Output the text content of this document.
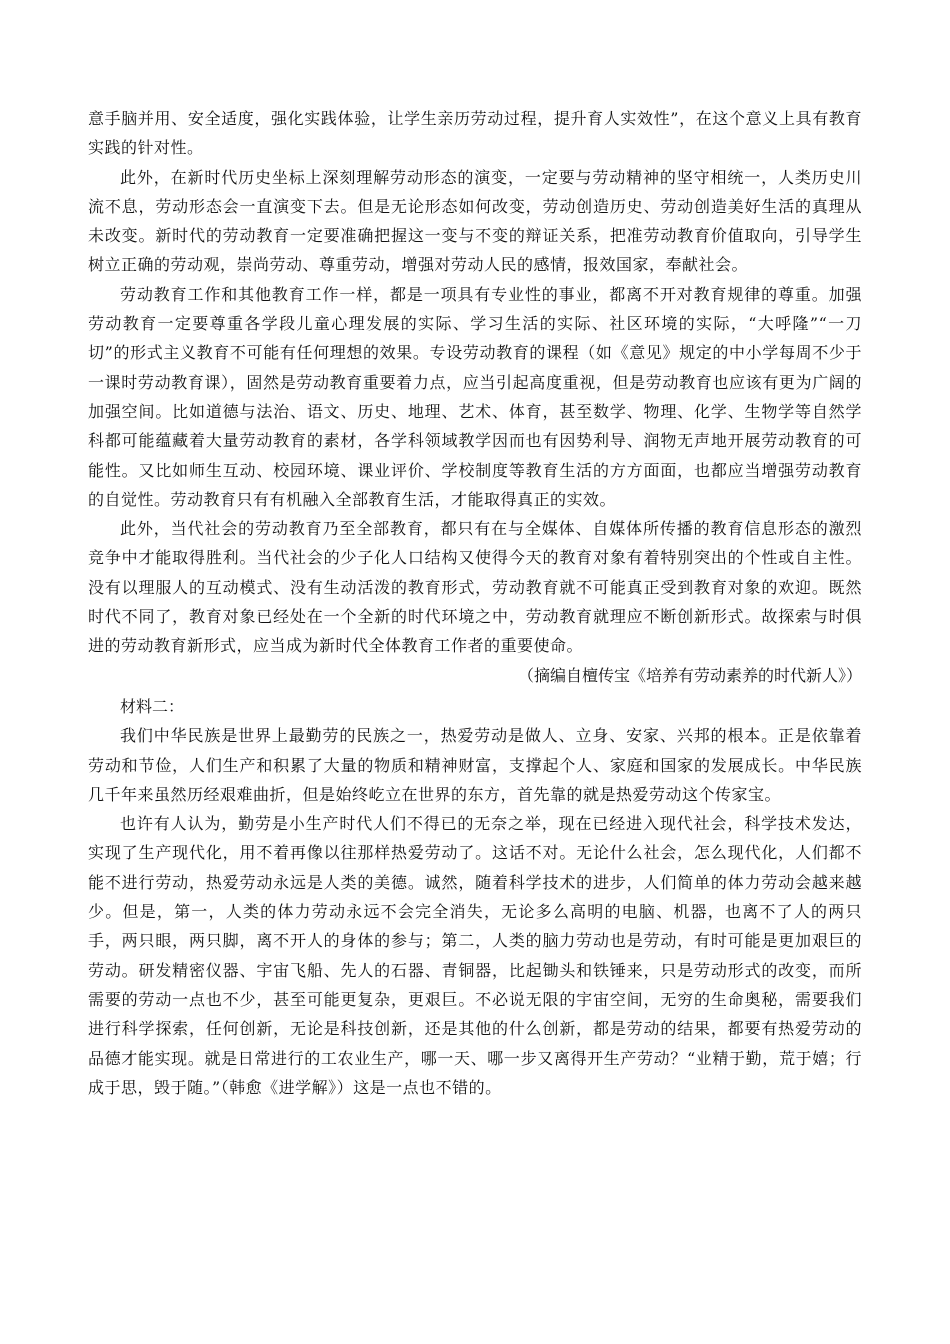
意手脑并用、安全适度，强化实践体验，让学生亲历劳动过程，提升育人实效性”，在这个意义上具有教育实践的针对性。

此外，在新时代历史坐标上深刻理解劳动形态的演变，一定要与劳动精神的坚守相统一，人类历史川流不息，劳动形态会一直演变下去。但是无论形态如何改变，劳动创造历史、劳动创造美好生活的真理从未改变。新时代的劳动教育一定要准确把握这一变与不变的辩证关系，把准劳动教育价值取向，引导学生树立正确的劳动观，崇尚劳动、尊重劳动，增强对劳动人民的感情，报效国家，奉献社会。

劳动教育工作和其他教育工作一样，都是一项具有专业性的事业，都离不开对教育规律的尊重。加强劳动教育一定要尊重各学段儿童心理发展的实际、学习生活的实际、社区环境的实际，“大呼隆”“一刀切”的形式主义教育不可能有任何理想的效果。专设劳动教育的课程（如《意见》规定的中小学每周不少于一课时劳动教育课），固然是劳动教育重要着力点，应当引起高度重视，但是劳动教育也应该有更为广阔的加强空间。比如道德与法治、语文、历史、地理、艺术、体育，甚至数学、物理、化学、生物学等自然学科都可能蕴藏着大量劳动教育的素材，各学科领域教学因而也有因势利导、润物无声地开展劳动教育的可能性。又比如师生互动、校园环境、课业评价、学校制度等教育生活的方方面面，也都应当增强劳动教育的自觉性。劳动教育只有有机融入全部教育生活，才能取得真正的实效。

此外，当代社会的劳动教育乃至全部教育，都只有在与全媒体、自媒体所传播的教育信息形态的激烈竞争中才能取得胜利。当代社会的少子化人口结构又使得今天的教育对象有着特别突出的个性或自主性。没有以理服人的互动模式、没有生动活泼的教育形式，劳动教育就不可能真正受到教育对象的欢迎。既然时代不同了，教育对象已经处在一个全新的时代环境之中，劳动教育就理应不断创新形式。故探索与时俱进的劳动教育新形式，应当成为新时代全体教育工作者的重要使命。

（摘编自檀传宝《培养有劳动素养的时代新人》）

材料二：

我们中华民族是世界上最勤劳的民族之一，热爱劳动是做人、立身、安家、兴邦的根本。正是依靠着劳动和节俭，人们生产和积累了大量的物质和精神财富，支撑起个人、家庭和国家的发展成长。中华民族几千年来虽然历经艰难曲折，但是始终屹立在世界的东方，首先靠的就是热爱劳动这个传家宝。

也许有人认为，勤劳是小生产时代人们不得已的无奈之举，现在已经进入现代社会，科学技术发达，实现了生产现代化，用不着再像以往那样热爱劳动了。这话不对。无论什么社会，怎么现代化，人们都不能不进行劳动，热爱劳动永远是人类的美德。诚然，随着科学技术的进步，人们简单的体力劳动会越来越少。但是，第一，人类的体力劳动永远不会完全消失，无论多么高明的电脑、机器，也离不了人的两只手，两只眼，两只脚，离不开人的身体的参与；第二，人类的脑力劳动也是劳动，有时可能是更加艰巨的劳动。研发精密仪器、宇宙飞船、先人的石器、青铜器，比起锄头和铁锤来，只是劳动形式的改变，而所需要的劳动一点也不少，甚至可能更复杂，更艰巨。不必说无限的宇宙空间，无穷的生命奥秘，需要我们进行科学探索，任何创新，无论是科技创新，还是其他的什么创新，都是劳动的结果，都要有热爱劳动的品德才能实现。就是日常进行的工农业生产，哪一天、哪一步又离得开生产劳动？“业精于勤，荒于嬉；行成于思，毁于随。”（韩愈《进学解》）这是一点也不错的。
